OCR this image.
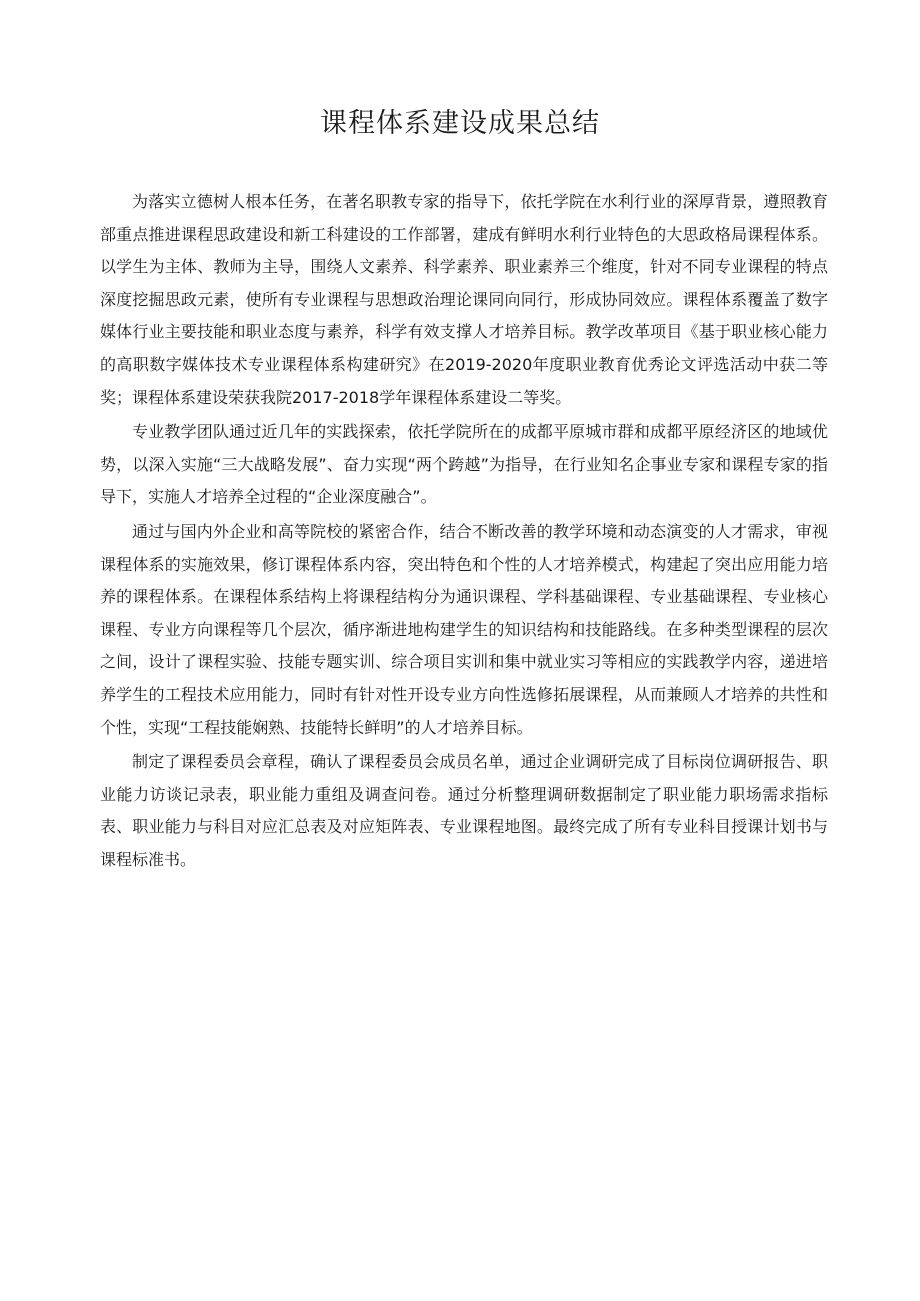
课程体系建设成果总结

为落实立德树人根本任务，在著名职教专家的指导下，依托学院在水利行业的深厚背景，遵照教育部重点推进课程思政建设和新工科建设的工作部署，建成有鲜明水利行业特色的大思政格局课程体系。以学生为主体、教师为主导，围绕人文素养、科学素养、职业素养三个维度，针对不同专业课程的特点深度挖掘思政元素，使所有专业课程与思想政治理论课同向同行，形成协同效应。课程体系覆盖了数字媒体行业主要技能和职业态度与素养，科学有效支撑人才培养目标。教学改革项目《基于职业核心能力的高职数字媒体技术专业课程体系构建研究》在2019-2020年度职业教育优秀论文评选活动中获二等奖；课程体系建设荣获我院2017-2018学年课程体系建设二等奖。

专业教学团队通过近几年的实践探索，依托学院所在的成都平原城市群和成都平原经济区的地域优势，以深入实施“三大战略发展”、奋力实现“两个跨越”为指导，在行业知名企事业专家和课程专家的指导下，实施人才培养全过程的“企业深度融合”。

通过与国内外企业和高等院校的紧密合作，结合不断改善的教学环境和动态演变的人才需求，审视课程体系的实施效果，修订课程体系内容，突出特色和个性的人才培养模式，构建起了突出应用能力培养的课程体系。在课程体系结构上将课程结构分为通识课程、学科基础课程、专业基础课程、专业核心课程、专业方向课程等几个层次，循序渐进地构建学生的知识结构和技能路线。在多种类型课程的层次之间，设计了课程实验、技能专题实训、综合项目实训和集中就业实习等相应的实践教学内容，递进培养学生的工程技术应用能力，同时有针对性开设专业方向性选修拓展课程，从而兼顾人才培养的共性和个性，实现“工程技能娴熟、技能特长鲜明”的人才培养目标。

制定了课程委员会章程，确认了课程委员会成员名单，通过企业调研完成了目标岗位调研报告、职业能力访谈记录表，职业能力重组及调查问卷。通过分析整理调研数据制定了职业能力职场需求指标表、职业能力与科目对应汇总表及对应矩阵表、专业课程地图。最终完成了所有专业科目授课计划书与课程标准书。
